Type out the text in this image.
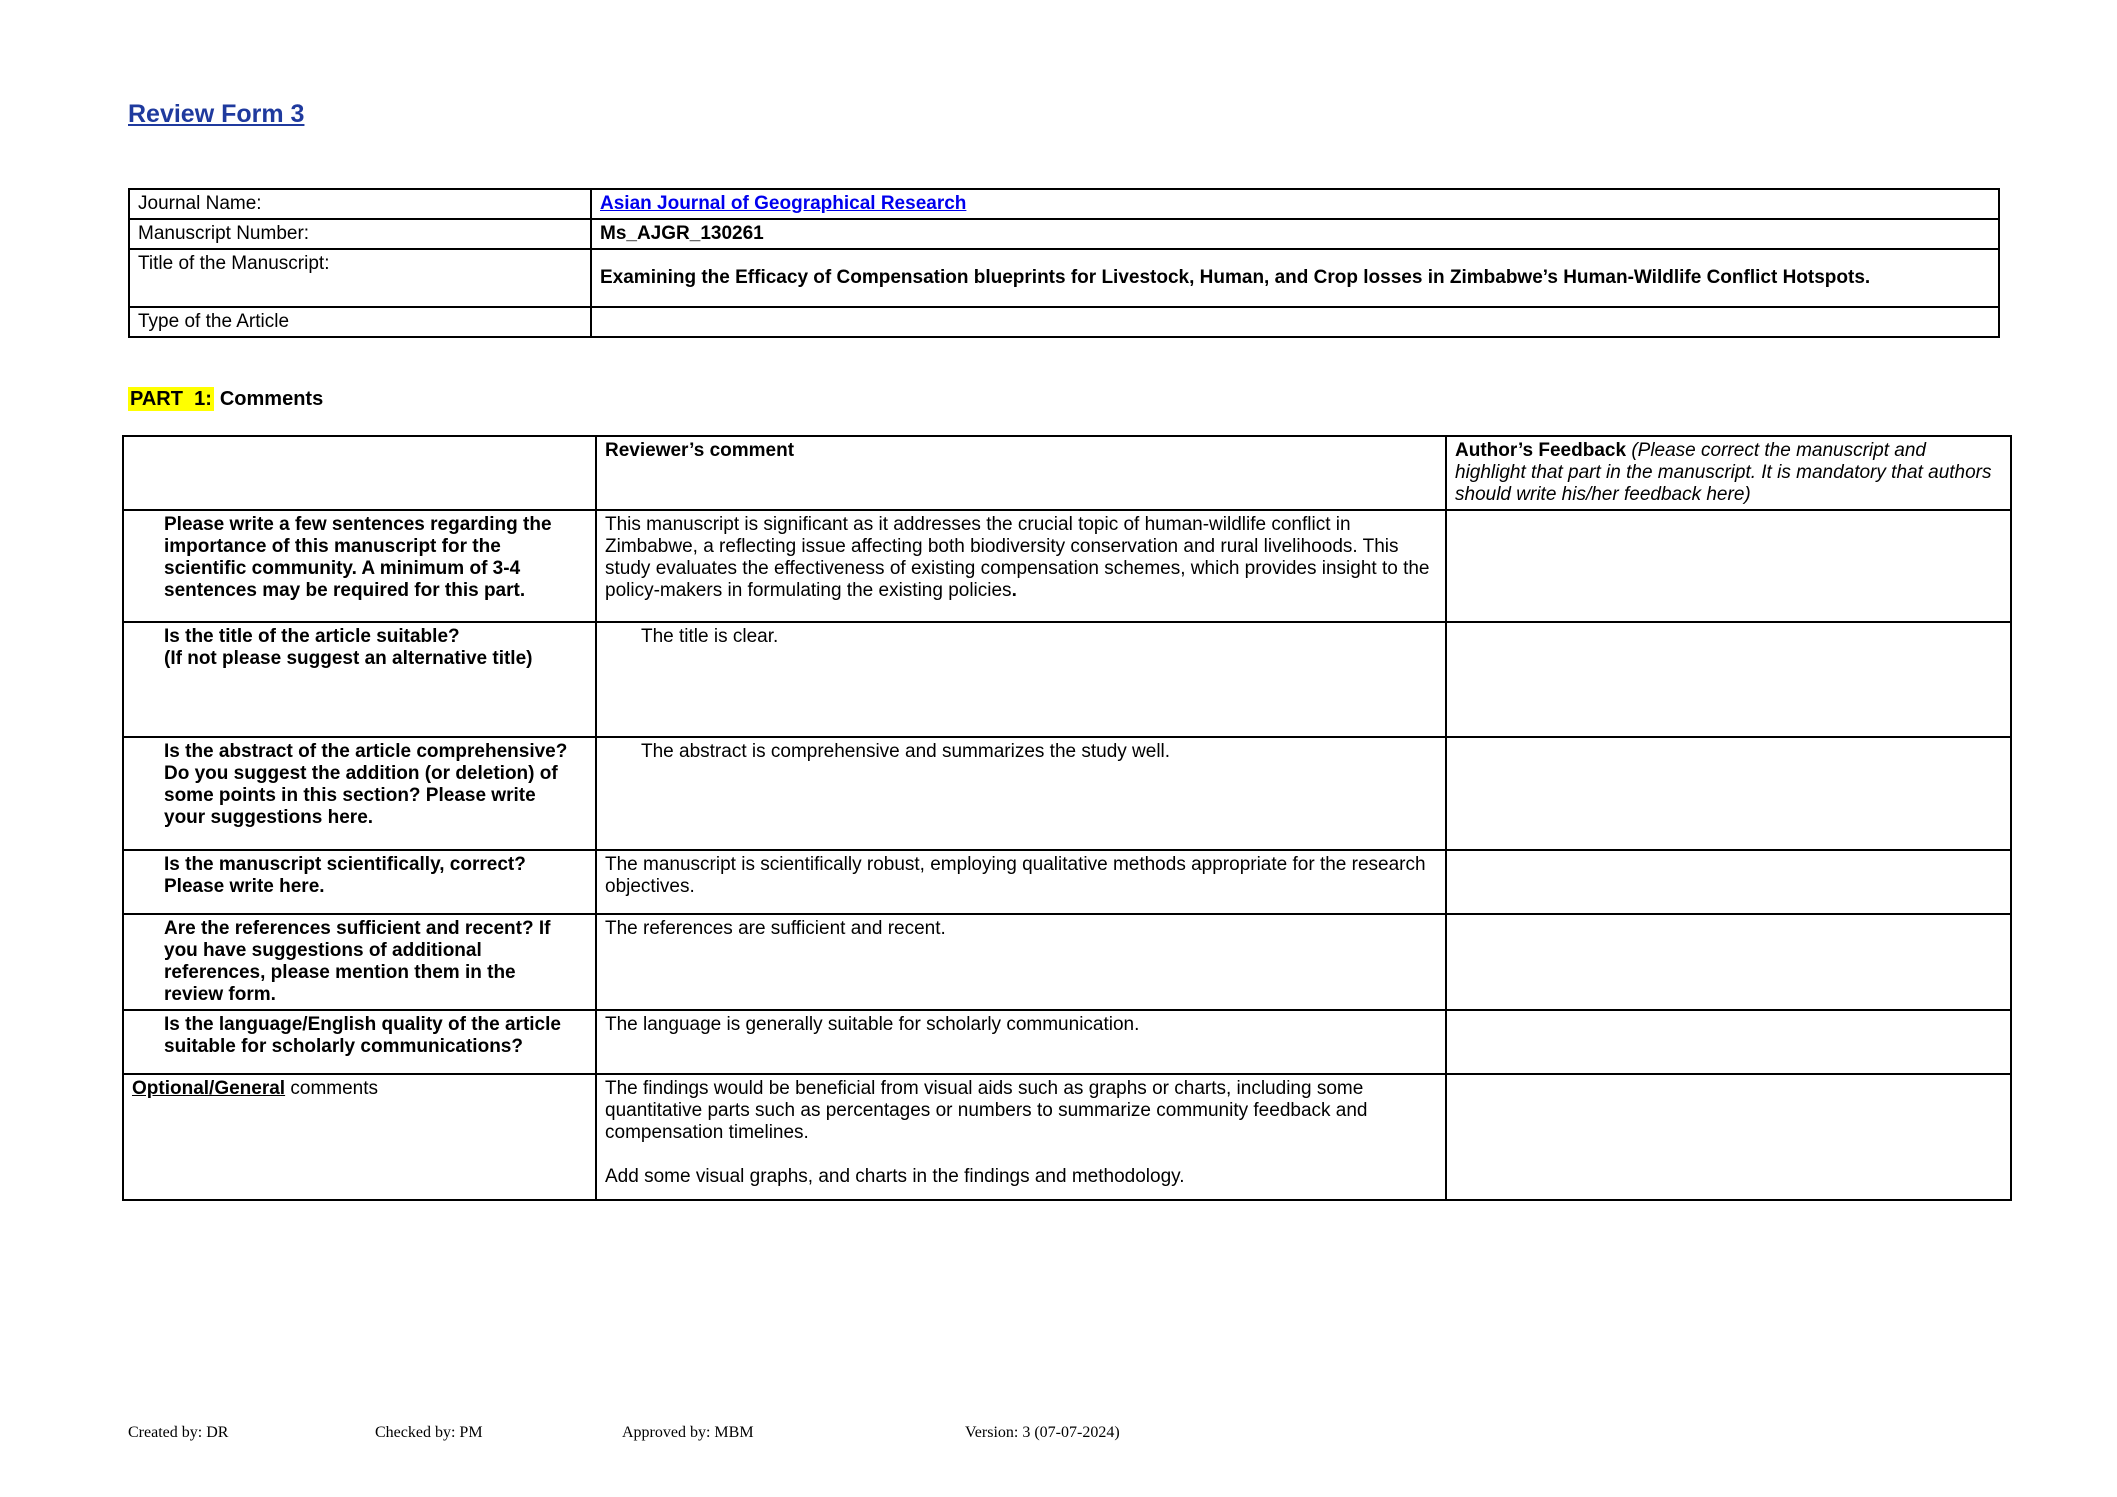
Review Form 3
Journal Name:	Asian Journal of Geographical Research
Manuscript Number:	Ms_AJGR_130261
Title of the Manuscript:	Examining the Efficacy of Compensation blueprints for Livestock, Human, and Crop losses in Zimbabwe’s Human-Wildlife Conflict Hotspots.
Type of the Article	
PART  1: Comments
	Reviewer’s comment	Author’s Feedback (Please correct the manuscript and highlight that part in the manuscript. It is mandatory that authors should write his/her feedback here)
Please write a few sentences regarding the importance of this manuscript for the scientific community. A minimum of 3-4 sentences may be required for this part.	This manuscript is significant as it addresses the crucial topic of human-wildlife conflict in Zimbabwe, a reflecting issue affecting both biodiversity conservation and rural livelihoods. This study evaluates the effectiveness of existing compensation schemes, which provides insight to the policy-makers in formulating the existing policies.	

Is the title of the article suitable?
(If not please suggest an alternative title)	The title is clear.	

Is the abstract of the article comprehensive? Do you suggest the addition (or deletion) of some points in this section? Please write your suggestions here.	The abstract is comprehensive and summarizes the study well.	

Is the manuscript scientifically, correct? Please write here.	The manuscript is scientifically robust, employing qualitative methods appropriate for the research objectives.	
Are the references sufficient and recent? If you have suggestions of additional references, please mention them in the review form.	The references are sufficient and recent.	
Is the language/English quality of the article suitable for scholarly communications?	The language is generally suitable for scholarly communication.	
Optional/General comments	The findings would be beneficial from visual aids such as graphs or charts, including some quantitative parts such as percentages or numbers to summarize community feedback and compensation timelines.
Add some visual graphs, and charts in the findings and methodology.	

Created by: DR	Checked by: PM	Approved by: MBM	Version: 3 (07-07-2024)
